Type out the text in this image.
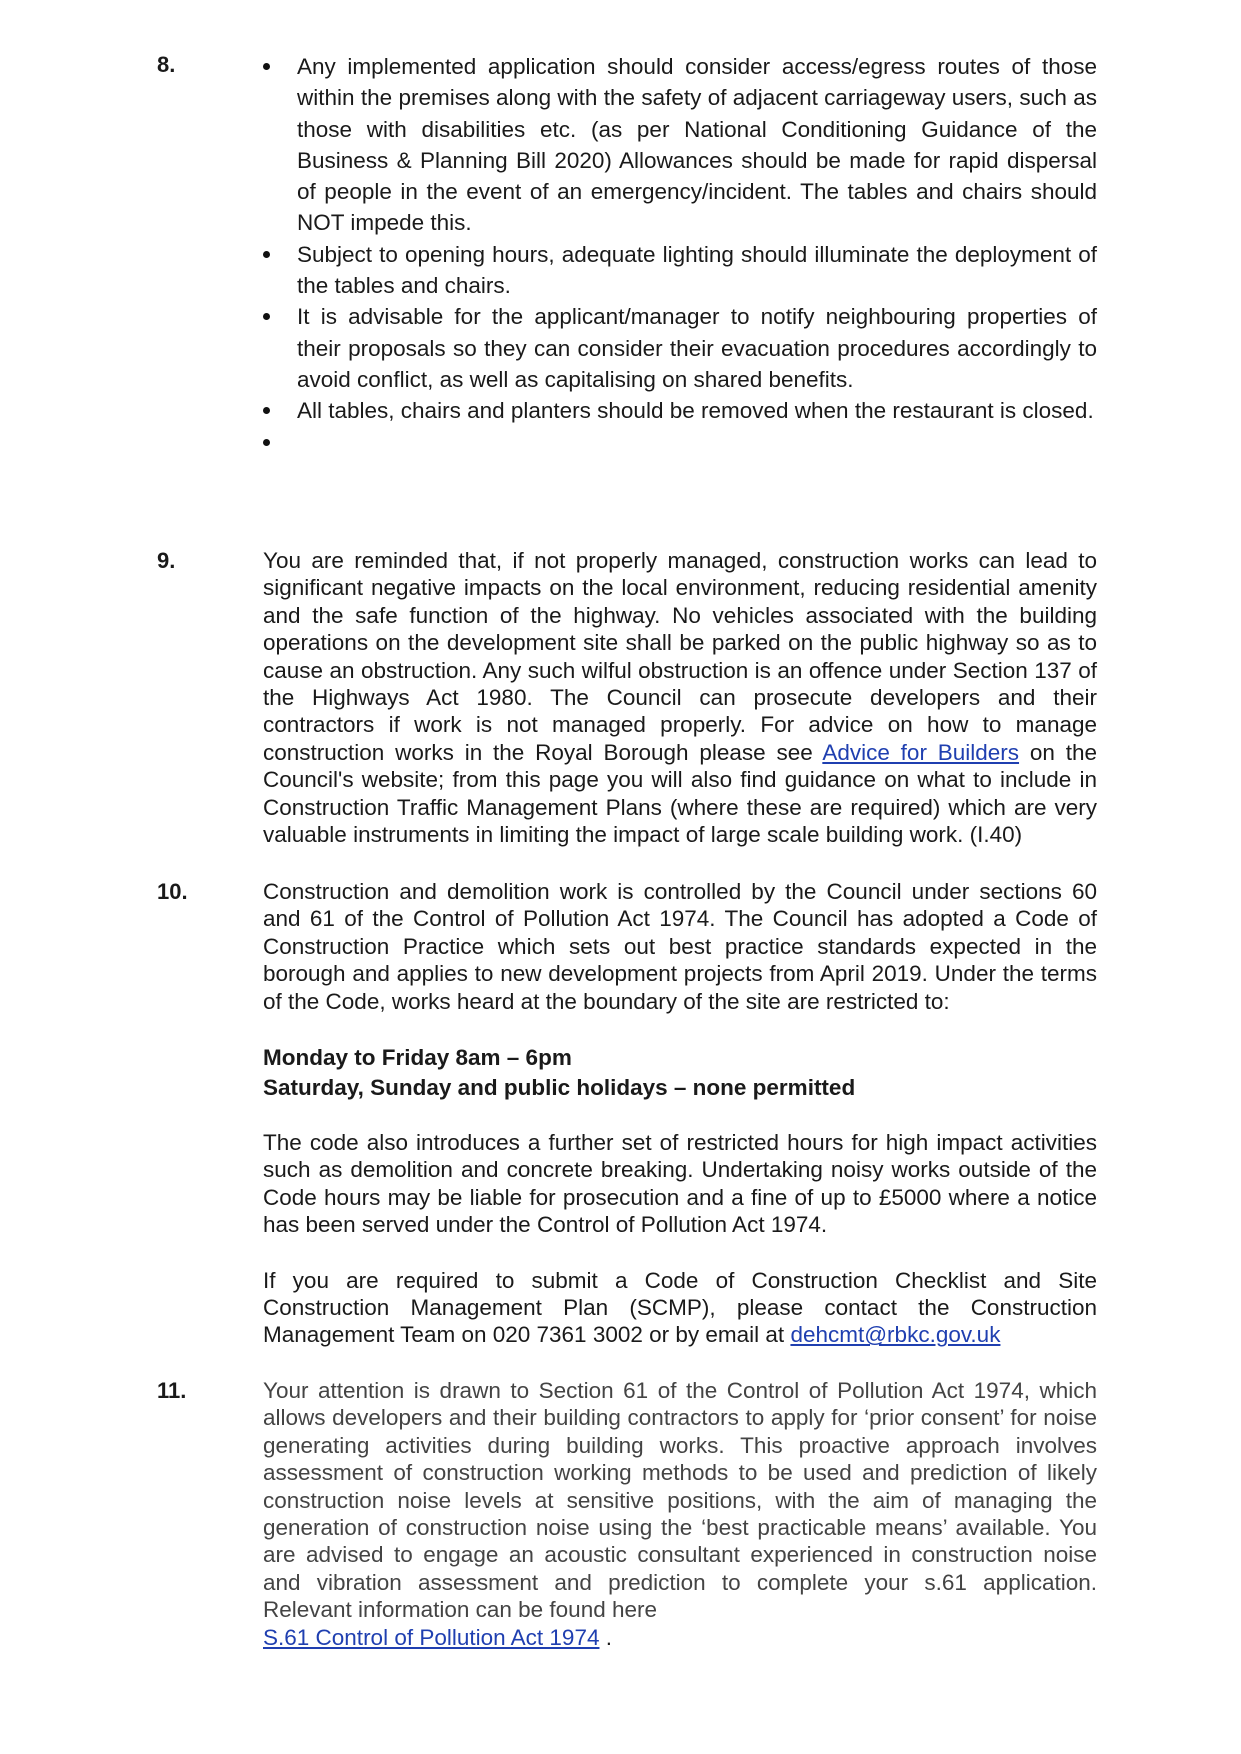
8.	Any implemented application should consider access/egress routes of those within the premises along with the safety of adjacent carriageway users, such as those with disabilities etc. (as per National Conditioning Guidance of the Business & Planning Bill 2020) Allowances should be made for rapid dispersal of people in the event of an emergency/incident. The tables and chairs should NOT impede this.
Subject to opening hours, adequate lighting should illuminate the deployment of the tables and chairs.
It is advisable for the applicant/manager to notify neighbouring properties of their proposals so they can consider their evacuation procedures accordingly to avoid conflict, as well as capitalising on shared benefits.
All tables, chairs and planters should be removed when the restaurant is closed.
9.	You are reminded that, if not properly managed, construction works can lead to significant negative impacts on the local environment, reducing residential amenity and the safe function of the highway. No vehicles associated with the building operations on the development site shall be parked on the public highway so as to cause an obstruction. Any such wilful obstruction is an offence under Section 137 of the Highways Act 1980. The Council can prosecute developers and their contractors if work is not managed properly. For advice on how to manage construction works in the Royal Borough please see Advice for Builders on the Council's website; from this page you will also find guidance on what to include in Construction Traffic Management Plans (where these are required) which are very valuable instruments in limiting the impact of large scale building work. (I.40)

10.	Construction and demolition work is controlled by the Council under sections 60 and 61 of the Control of Pollution Act 1974. The Council has adopted a Code of Construction Practice which sets out best practice standards expected in the borough and applies to new development projects from April 2019. Under the terms of the Code, works heard at the boundary of the site are restricted to:

Monday to Friday 8am – 6pm

Saturday, Sunday and public holidays – none permitted

The code also introduces a further set of restricted hours for high impact activities such as demolition and concrete breaking. Undertaking noisy works outside of the Code hours may be liable for prosecution and a fine of up to £5000 where a notice has been served under the Control of Pollution Act 1974.

If you are required to submit a Code of Construction Checklist and Site Construction Management Plan (SCMP), please contact the Construction Management Team on 020 7361 3002 or by email at dehcmt@rbkc.gov.uk

11.	Your attention is drawn to Section 61 of the Control of Pollution Act 1974, which allows developers and their building contractors to apply for ‘prior consent’ for noise generating activities during building works. This proactive approach involves assessment of construction working methods to be used and prediction of likely construction noise levels at sensitive positions, with the aim of managing the generation of construction noise using the ‘best practicable means’ available. You are advised to engage an acoustic consultant experienced in construction noise and vibration assessment and prediction to complete your s.61 application. Relevant information can be found here

S.61 Control of Pollution Act 1974 .
